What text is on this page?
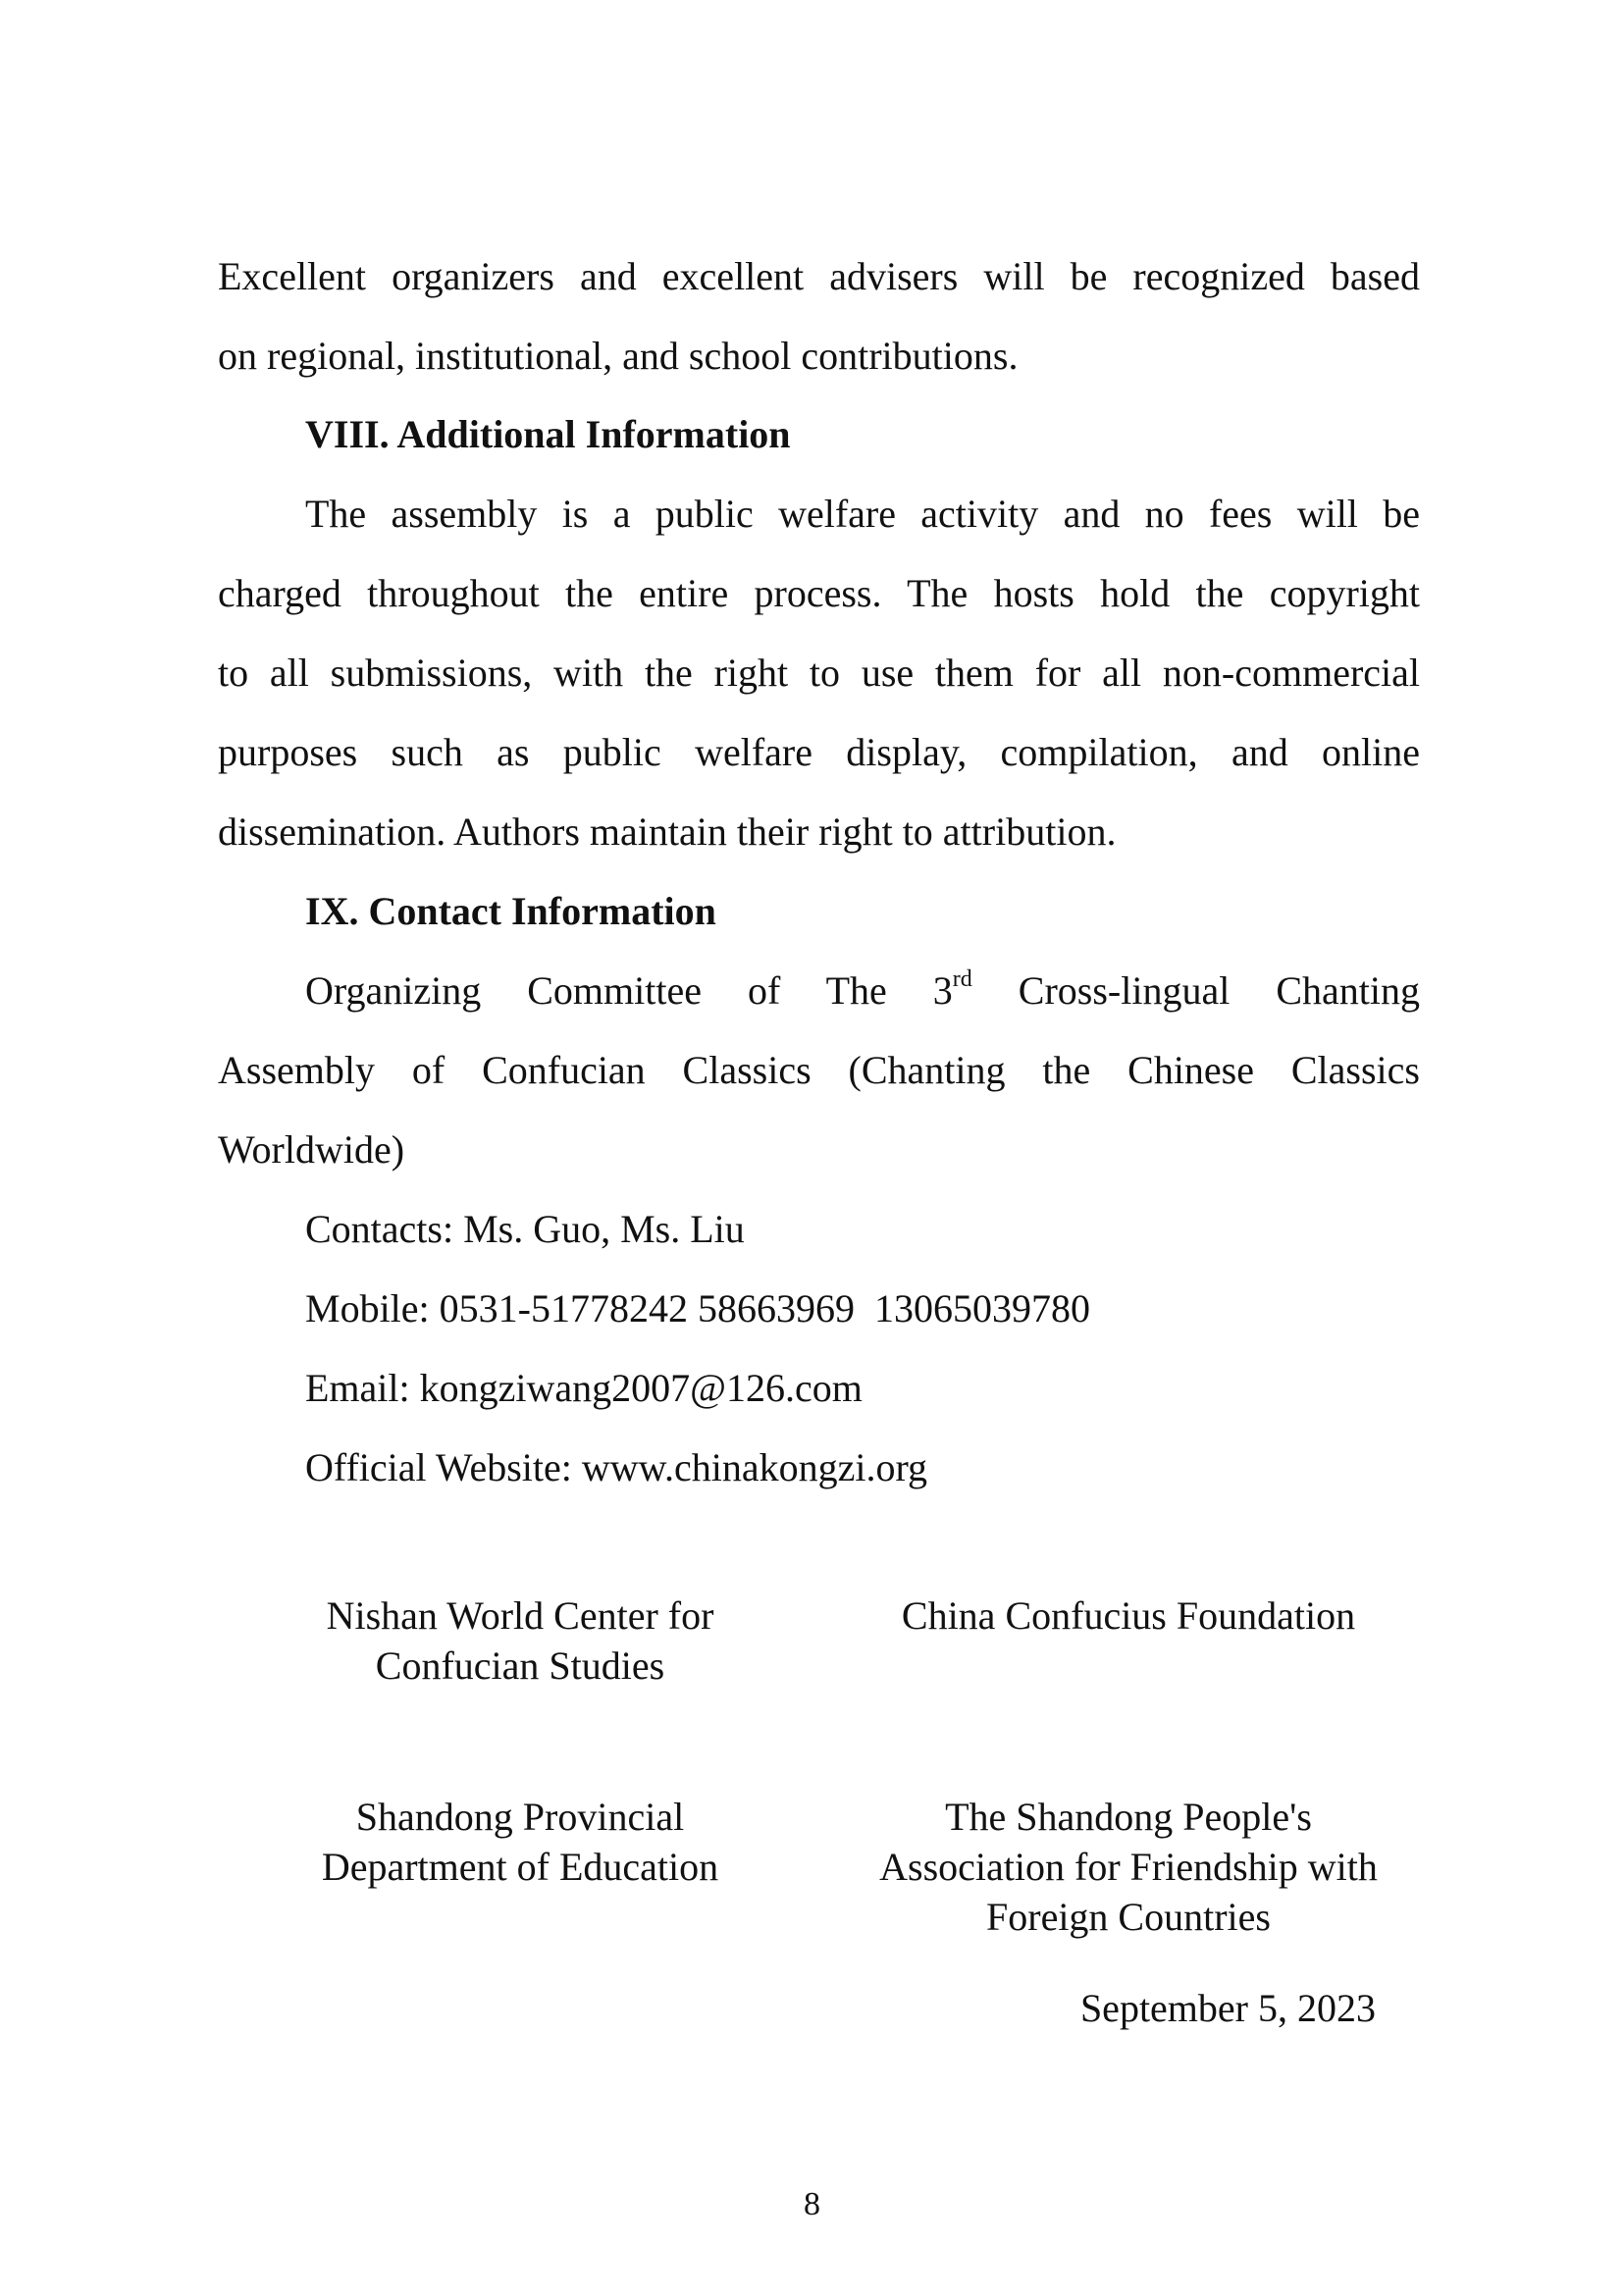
Excellent organizers and excellent advisers will be recognized based
on regional, institutional, and school contributions.
VIII. Additional Information
The assembly is a public welfare activity and no fees will be
charged throughout the entire process. The hosts hold the copyright
to all submissions, with the right to use them for all non-commercial
purposes such as public welfare display, compilation, and online
dissemination. Authors maintain their right to attribution.
IX. Contact Information
Organizing Committee of The 3rd Cross-lingual Chanting
Assembly of Confucian Classics (Chanting the Chinese Classics
Worldwide)
Contacts: Ms. Guo, Ms. Liu
Mobile: 0531-51778242 58663969  13065039780
Email: kongziwang2007@126.com
Official Website: www.chinakongzi.org
Nishan World Center for
Confucian Studies
China Confucius Foundation
Shandong Provincial
Department of Education
The Shandong People's
Association for Friendship with
Foreign Countries
September 5, 2023
8
